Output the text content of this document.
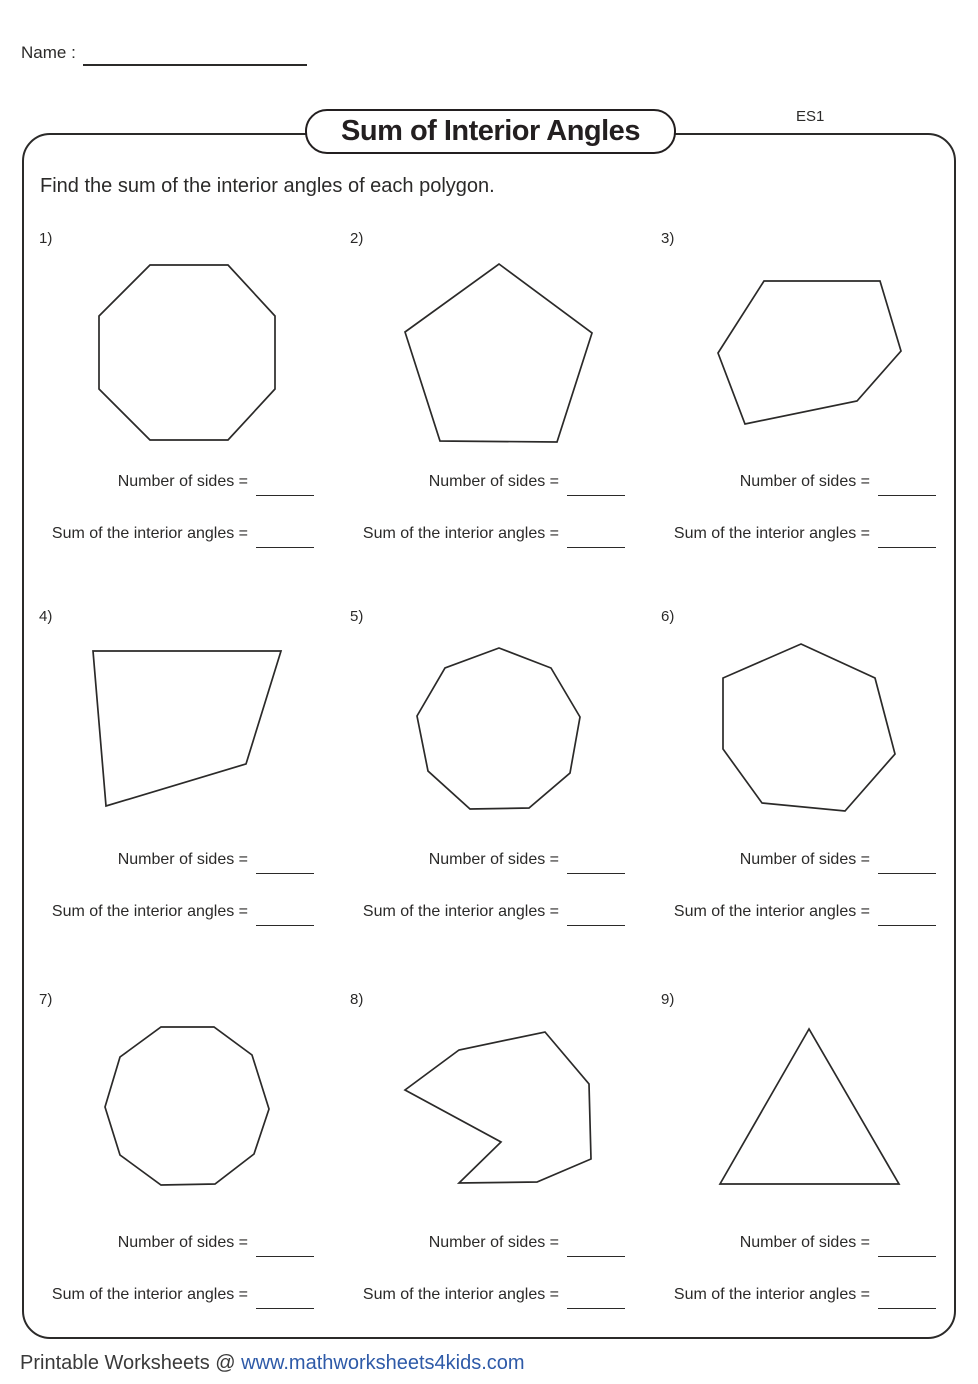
Name :
Sum of Interior Angles	ES1
Find the sum of the interior angles of each polygon.
1)
Number of sides =
Sum of the interior angles =
2)
Number of sides =
Sum of the interior angles =
3)
Number of sides =
Sum of the interior angles =
4)
Number of sides =
Sum of the interior angles =
5)
Number of sides =
Sum of the interior angles =
6)
Number of sides =
Sum of the interior angles =
7)
Number of sides =
Sum of the interior angles =
8)
Number of sides =
Sum of the interior angles =
9)
Number of sides =
Sum of the interior angles =
Printable Worksheets @ www.mathworksheets4kids.com
